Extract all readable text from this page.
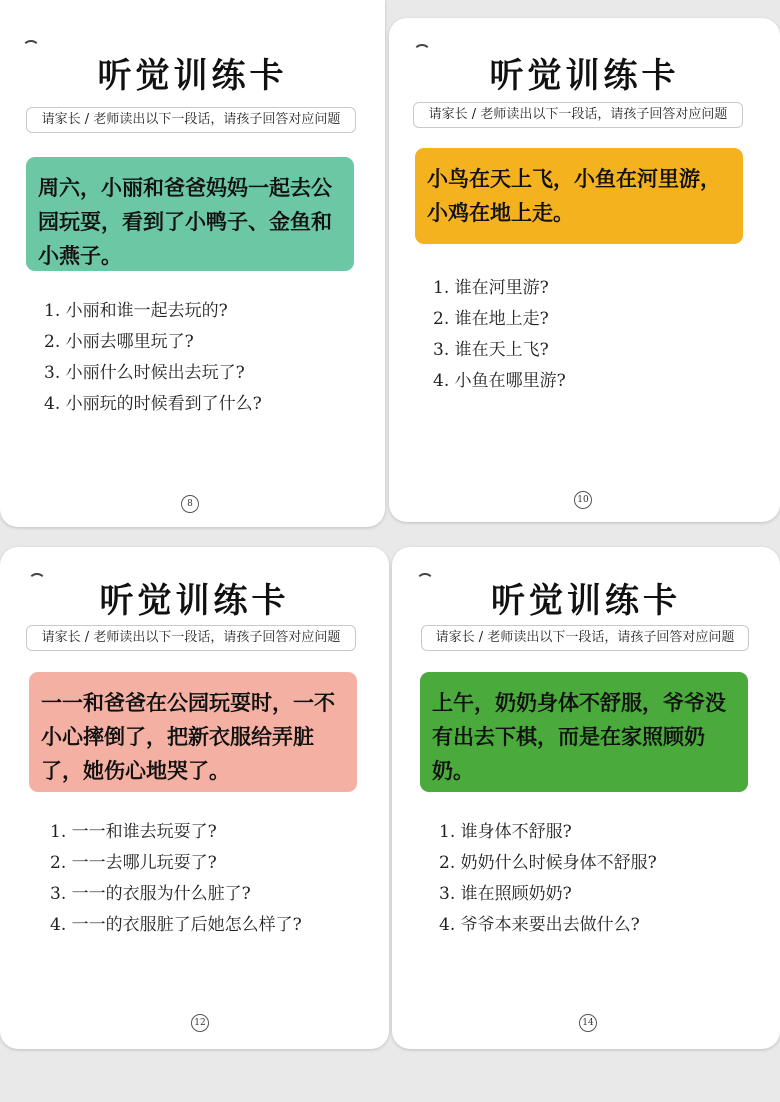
听觉训练卡
请家长 / 老师读出以下一段话，请孩子回答对应问题
周六，小丽和爸爸妈妈一起去公园玩耍，看到了小鸭子、金鱼和小燕子。
1. 小丽和谁一起去玩的?
2. 小丽去哪里玩了?
3. 小丽什么时候出去玩了?
4. 小丽玩的时候看到了什么?
8
听觉训练卡
请家长 / 老师读出以下一段话，请孩子回答对应问题
小鸟在天上飞，小鱼在河里游，小鸡在地上走。
1. 谁在河里游?
2. 谁在地上走?
3. 谁在天上飞?
4. 小鱼在哪里游?
10
听觉训练卡
请家长 / 老师读出以下一段话，请孩子回答对应问题
一一和爸爸在公园玩耍时，一不小心摔倒了，把新衣服给弄脏了，她伤心地哭了。
1. 一一和谁去玩耍了?
2. 一一去哪儿玩耍了?
3. 一一的衣服为什么脏了?
4. 一一的衣服脏了后她怎么样了?
12
听觉训练卡
请家长 / 老师读出以下一段话，请孩子回答对应问题
上午，奶奶身体不舒服，爷爷没有出去下棋，而是在家照顾奶奶。
1. 谁身体不舒服?
2. 奶奶什么时候身体不舒服?
3. 谁在照顾奶奶?
4. 爷爷本来要出去做什么?
14
